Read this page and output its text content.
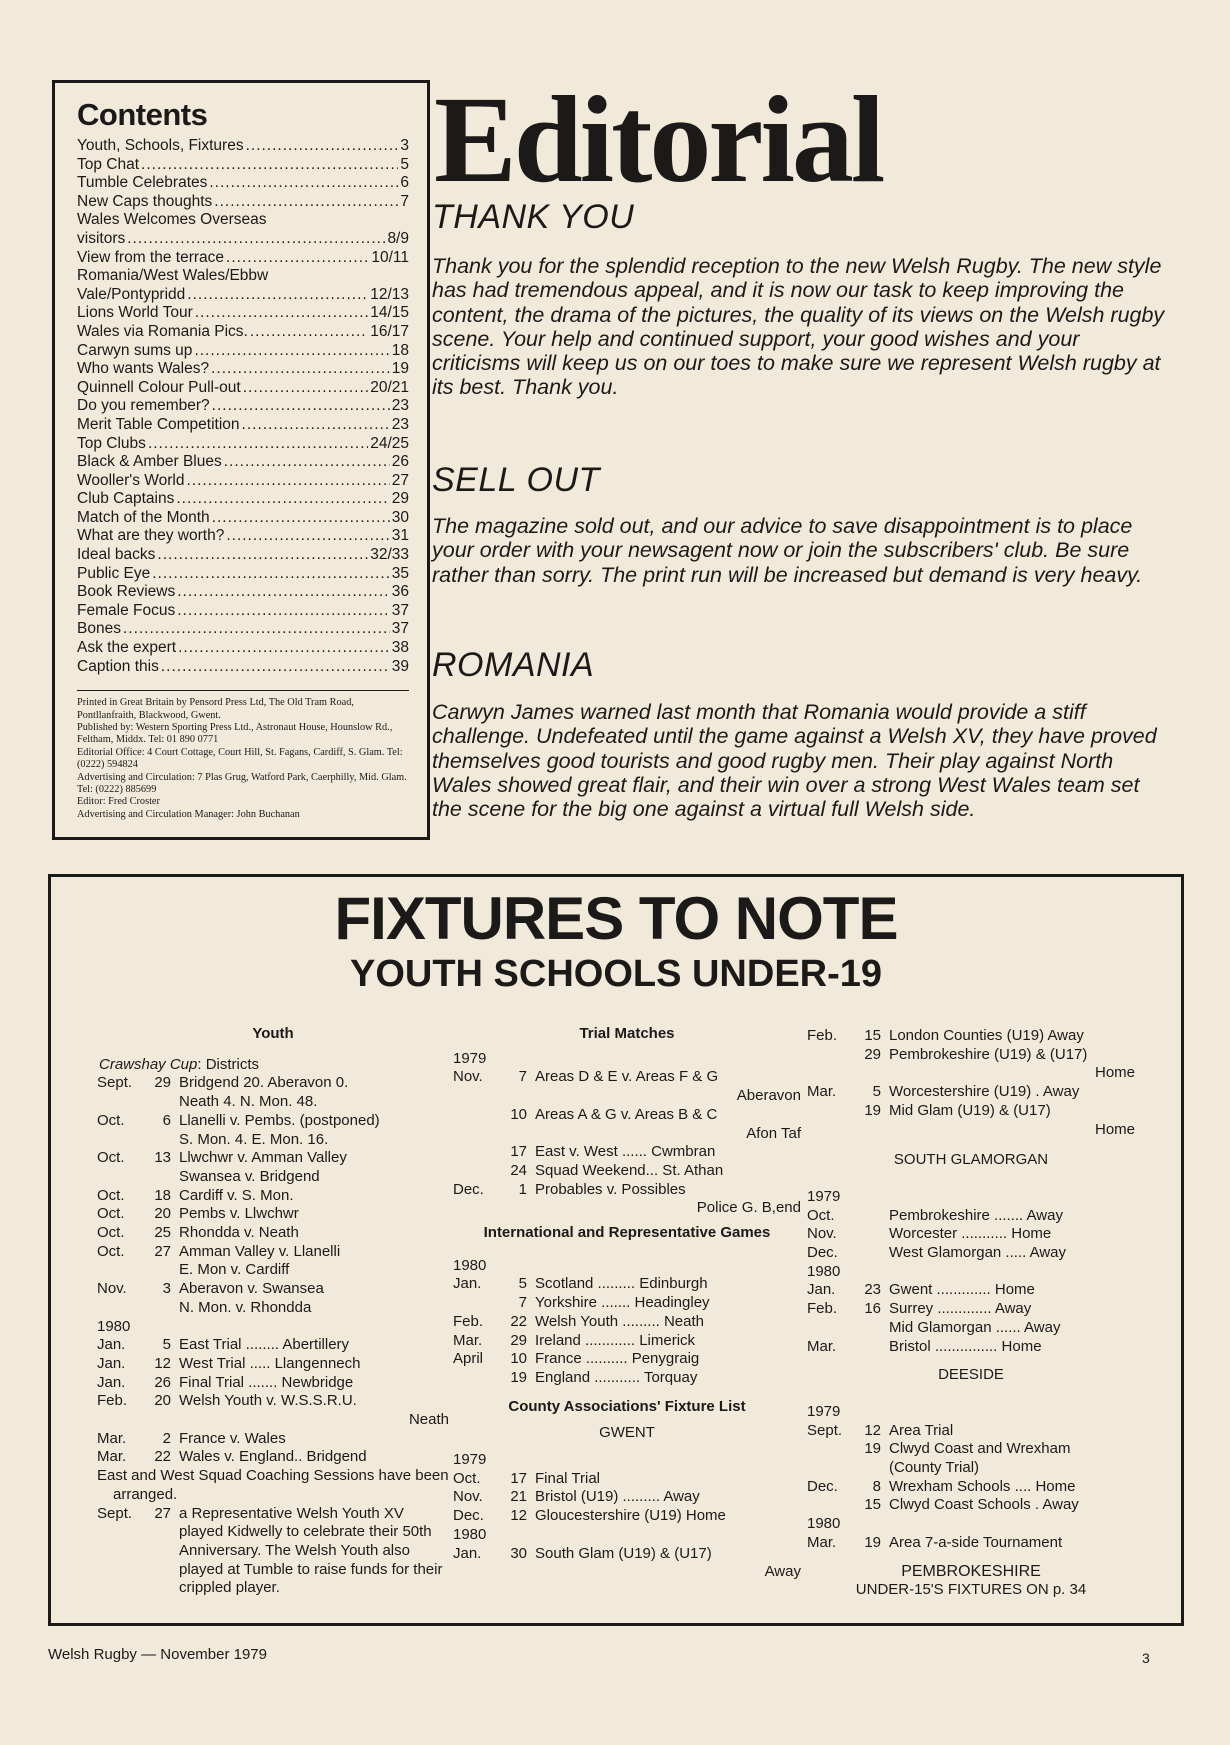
Contents
Youth, Schools, Fixtures .....	3
Top Chat .....	5
Tumble Celebrates .....	6
New Caps thoughts .....	7
Wales Welcomes Overseas
visitors .....	8/9
View from the terrace .....	10/11
Romania/West Wales/Ebbw
Vale/Pontypridd .....	12/13
Lions World Tour .....	14/15
Wales via Romania Pics. .....	16/17
Carwyn sums up .....	18
Who wants Wales? .....	19
Quinnell Colour Pull-out .....	20/21
Do you remember? .....	23
Merit Table Competition .....	23
Top Clubs .....	24/25
Black & Amber Blues .....	26
Wooller's World .....	27
Club Captains .....	29
Match of the Month .....	30
What are they worth? .....	31
Ideal backs .....	32/33
Public Eye .....	35
Book Reviews .....	36
Female Focus .....	37
Bones .....	37
Ask the expert .....	38
Caption this .....	39

Printed in Great Britain by Pensord Press Ltd, The Old Tram Road, Pontllanfraith, Blackwood, Gwent.

Published by: Western Sporting Press Ltd., Astronaut House, Hounslow Rd., Feltham, Middx. Tel: 01 890 0771

Editorial Office: 4 Court Cottage, Court Hill, St. Fagans, Cardiff, S. Glam. Tel: (0222) 594824

Advertising and Circulation: 7 Plas Grug, Watford Park, Caerphilly, Mid. Glam. Tel: (0222) 885699

Editor: Fred Croster

Advertising and Circulation Manager: John Buchanan

Editorial
THANK YOU

Thank you for the splendid reception to the new Welsh Rugby. The new style has had tremendous appeal, and it is now our task to keep improving the content, the drama of the pictures, the quality of its views on the Welsh rugby scene. Your help and continued support, your good wishes and your criticisms will keep us on our toes to make sure we represent Welsh rugby at its best. Thank you.

SELL OUT

The magazine sold out, and our advice to save disappointment is to place your order with your newsagent now or join the subscribers' club. Be sure rather than sorry. The print run will be increased but demand is very heavy.

ROMANIA

Carwyn James warned last month that Romania would provide a stiff challenge. Undefeated until the game against a Welsh XV, they have proved themselves good tourists and good rugby men. Their play against North Wales showed great flair, and their win over a strong West Wales team set the scene for the big one against a virtual full Welsh side.

FIXTURES TO NOTE
YOUTH SCHOOLS UNDER-19
Youth
Crawshay Cup: Districts
Sept.	29 Bridgend 20. Aberavon 0.
Neath 4. N. Mon. 48.
Oct.	6 Llanelli v. Pembs. (postponed)
S. Mon. 4. E. Mon. 16.
Oct.	13 Llwchwr v. Amman Valley
Swansea v. Bridgend
Oct.	18 Cardiff v. S. Mon.
Oct.	20 Pembs v. Llwchwr
Oct.	25 Rhondda v. Neath
Oct.	27 Amman Valley v. Llanelli
E. Mon v. Cardiff
Nov.	3 Aberavon v. Swansea
N. Mon. v. Rhondda
1980
Jan.	5 East Trial ........ Abertillery
Jan.	12 West Trial ..... Llangennech
Jan.	26 Final Trial ....... Newbridge
Feb.	20 Welsh Youth v. W.S.S.R.U.
Neath
Mar.	2 France v. Wales
Mar.	22 Wales v. England.. Bridgend
East and West Squad Coaching Sessions have been arranged.
Sept.	27 a Representative Welsh Youth XV played Kidwelly to celebrate their 50th Anniversary. The Welsh Youth also played at Tumble to raise funds for their crippled player.
Trial Matches
1979
Nov.	7 Areas D & E v. Areas F & G
Aberavon
10 Areas A & G v. Areas B & C
Afon Taf
17 East v. West ...... Cwmbran
24 Squad Weekend... St. Athan
Dec.	1 Probables v. Possibles
Police G. B,end
International and Representative Games
1980
Jan.	5 Scotland ......... Edinburgh
7 Yorkshire ....... Headingley
Feb.	22 Welsh Youth ......... Neath
Mar.	29 Ireland ............ Limerick
April	10 France .......... Penygraig
19 England ........... Torquay
County Associations' Fixture List
GWENT
1979
Oct.	17 Final Trial
Nov.	21 Bristol (U19) ......... Away
Dec.	12 Gloucestershire (U19) Home
1980
Jan.	30 South Glam (U19) & (U17)
Away
Feb.	15 London Counties (U19) Away
29 Pembrokeshire (U19) & (U17)
Home
Mar.	5 Worcestershire (U19) . Away
19 Mid Glam (U19) & (U17)
Home
SOUTH GLAMORGAN
1979
Oct.	Pembrokeshire ....... Away
Nov.	Worcester ........... Home
Dec.	West Glamorgan ..... Away
1980
Jan.	23 Gwent ............. Home
Feb.	16 Surrey ............. Away
Mid Glamorgan ...... Away
Mar.	Bristol ............... Home
DEESIDE
1979
Sept.	12 Area Trial
19 Clwyd Coast and Wrexham
(County Trial)
Dec.	8 Wrexham Schools .... Home
15 Clwyd Coast Schools . Away
1980
Mar.	19 Area 7-a-side Tournament
PEMBROKESHIRE
UNDER-15'S FIXTURES ON p. 34

Welsh Rugby — November 1979	3
